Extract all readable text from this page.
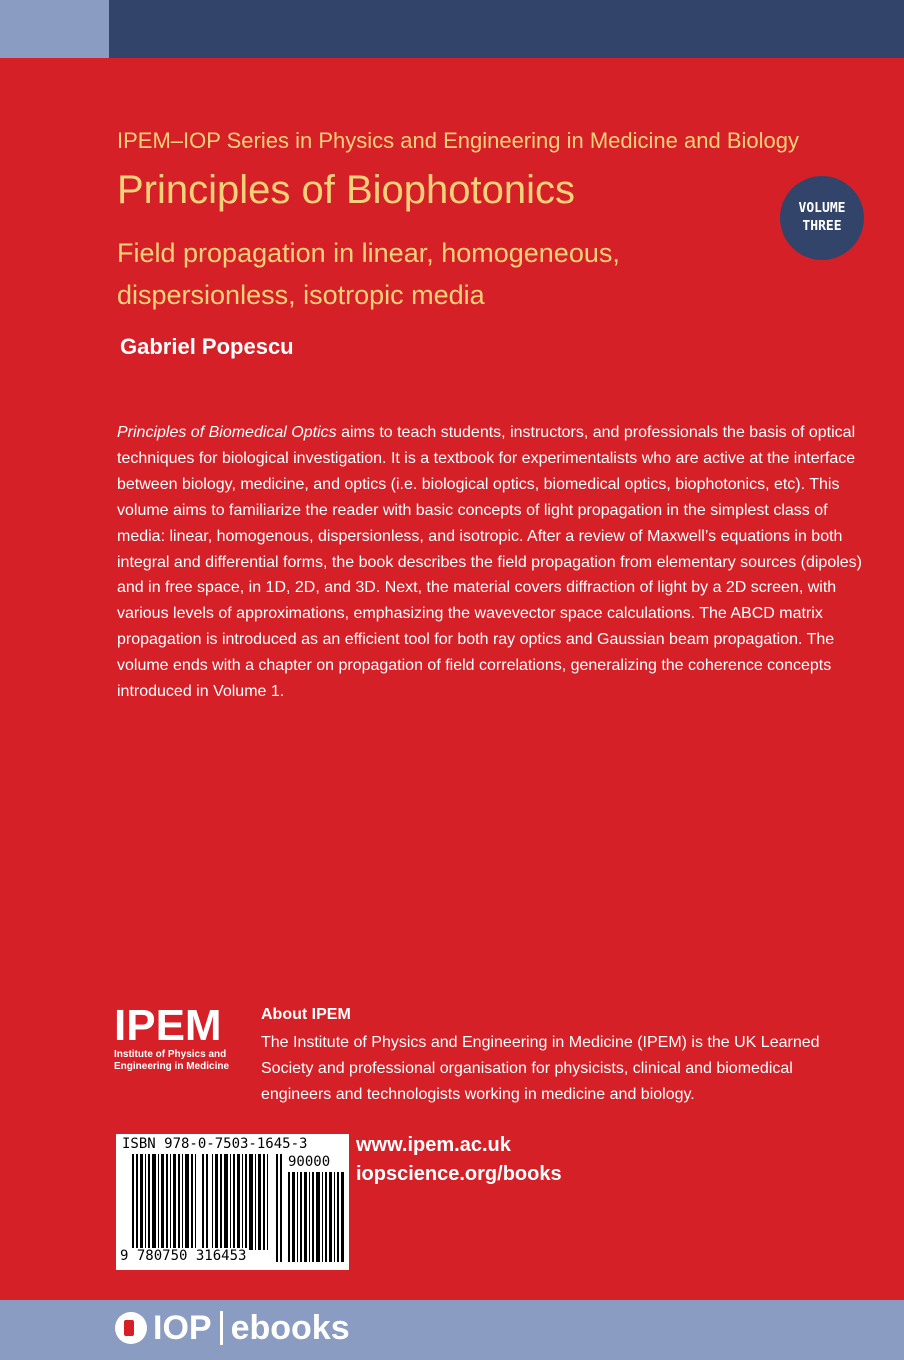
IPEM–IOP Series in Physics and Engineering in Medicine and Biology
Principles of Biophotonics
Field propagation in linear, homogeneous, dispersionless, isotropic media
VOLUME
THREE
Gabriel Popescu

Principles of Biomedical Optics aims to teach students, instructors, and professionals the basis of optical techniques for biological investigation. It is a textbook for experimentalists who are active at the interface between biology, medicine, and optics (i.e. biological optics, biomedical optics, biophotonics, etc). This volume aims to familiarize the reader with basic concepts of light propagation in the simplest class of media: linear, homogenous, dispersionless, and isotropic. After a review of Maxwell’s equations in both integral and differential forms, the book describes the field propagation from elementary sources (dipoles) and in free space, in 1D, 2D, and 3D. Next, the material covers diffraction of light by a 2D screen, with various levels of approximations, emphasizing the wavevector space calculations. The ABCD matrix propagation is introduced as an efficient tool for both ray optics and Gaussian beam propagation. The volume ends with a chapter on propagation of field correlations, generalizing the coherence concepts introduced in Volume 1.

IPEM
Institute of Physics and
Engineering in Medicine
About IPEM
The Institute of Physics and Engineering in Medicine (IPEM) is the UK Learned Society and professional organisation for physicists, clinical and biomedical engineers and technologists working in medicine and biology.
ISBN 978-0-7503-1645-3
90000
9 780750 316453
www.ipem.ac.uk
iopscience.org/books
IOP ebooks
